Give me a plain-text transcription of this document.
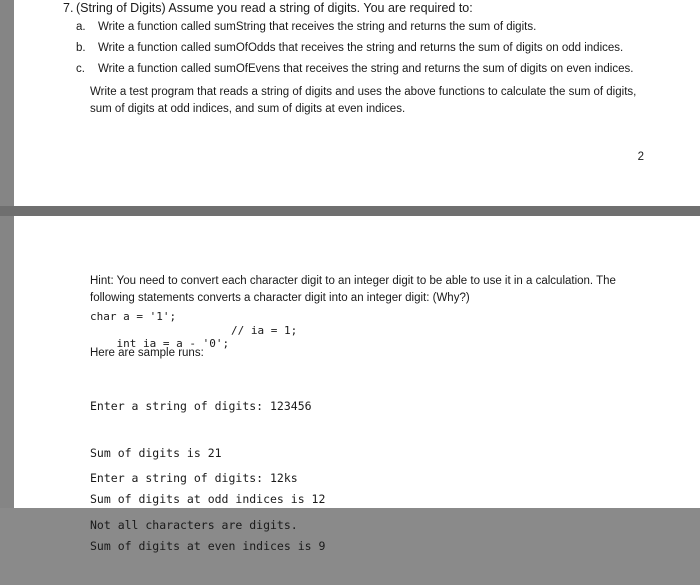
7. (String of Digits) Assume you read a string of digits. You are required to:
a. Write a function called sumString that receives the string and returns the sum of digits.
b. Write a function called sumOfOdds that receives the string and returns the sum of digits on odd indices.
c. Write a function called sumOfEvens that receives the string and returns the sum of digits on even indices.
Write a test program that reads a string of digits and uses the above functions to calculate the sum of digits,
sum of digits at odd indices, and sum of digits at even indices.
2
Hint: You need to convert each character digit to an integer digit to be able to use it in a calculation. The
following statements converts a character digit into an integer digit: (Why?)
char a = '1';

int ia = a - '0';

// ia = 1;

Here are sample runs:

Enter a string of digits: 123456

Sum of digits is 21

Sum of digits at odd indices is 12

Sum of digits at even indices is 9

Enter a string of digits: 12ks

Not all characters are digits.
